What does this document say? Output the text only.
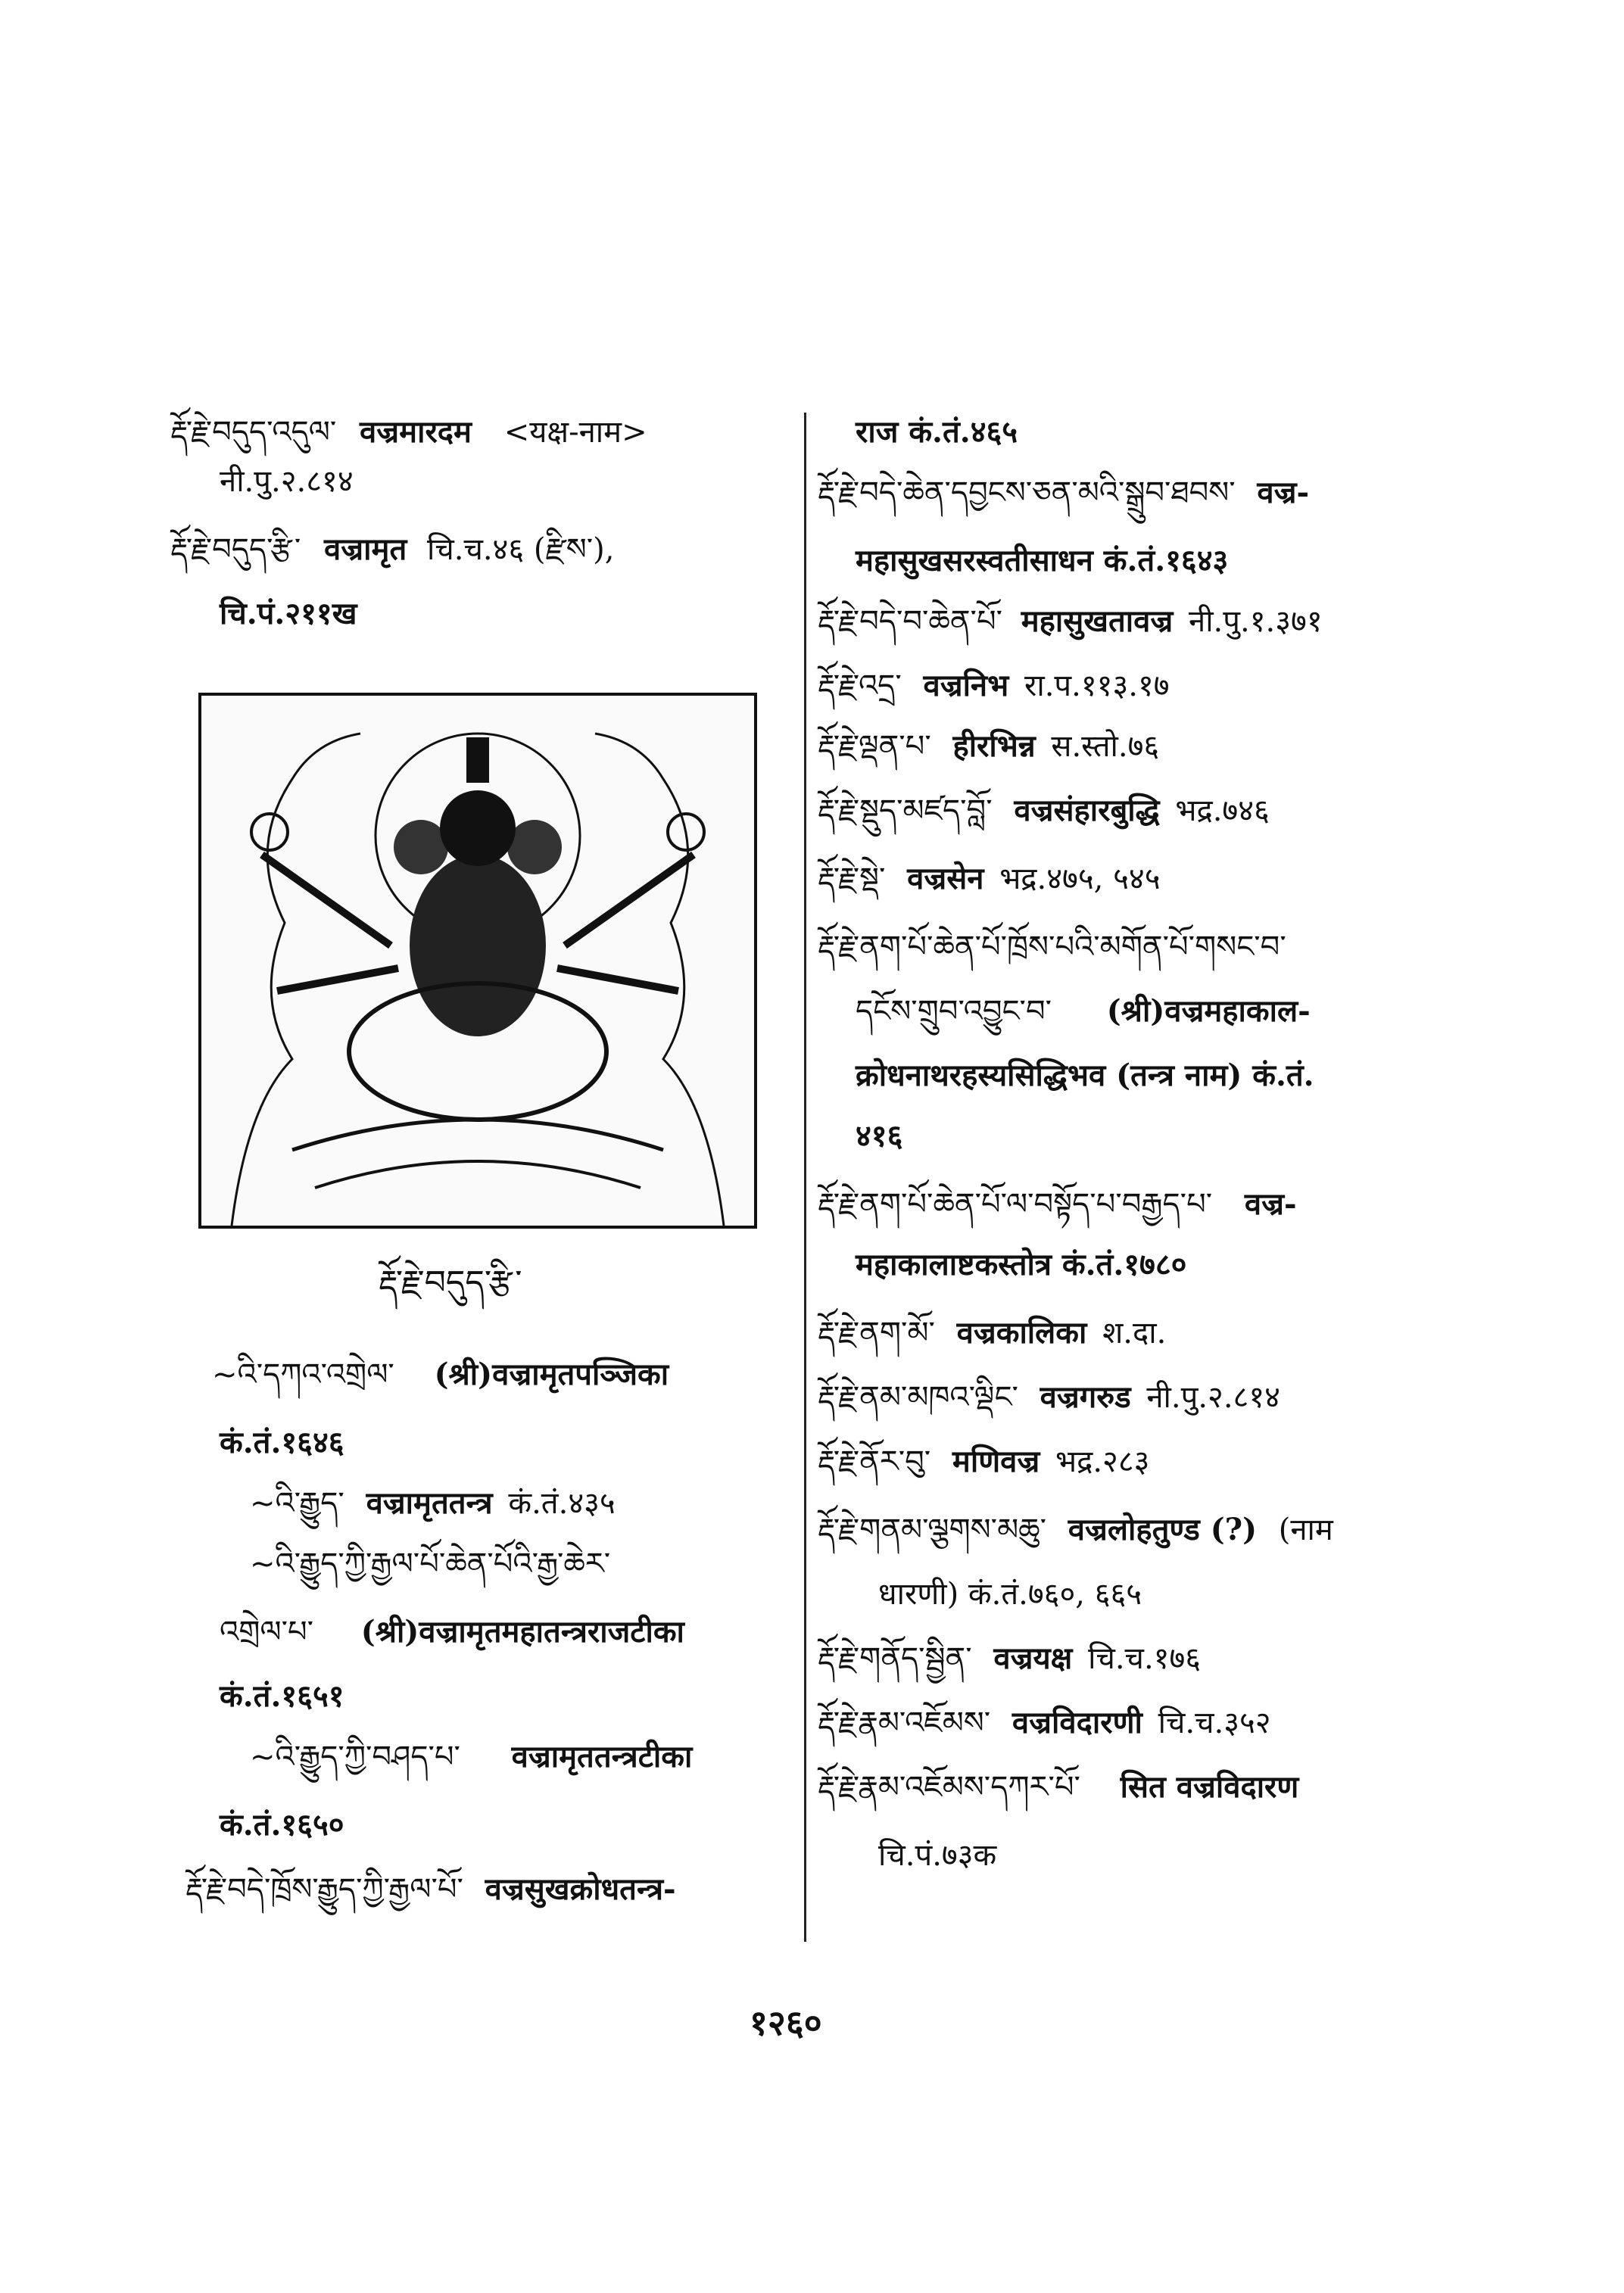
རྡོ་རྗེ་བདུད་འདུལ་ वज्रमारदम <यक्ष-नाम>
नी.पु.२.८१४
རྡོ་རྗེ་བདུད་རྩི་ वज्रामृत चि.च.४६ (རྫིས་),
चि.पं.२११ख
རྡོ་རྗེ་བདུད་རྩི་
~འི་དཀའ་འགྲེལ་ (श्री)वज्रामृतपञ्जिका
कं.तं.१६४६
~འི་རྒྱུད་ वज्रामृततन्त्र कं.तं.४३५
~འི་རྒྱུད་ཀྱི་རྒྱལ་པོ་ཆེན་པོའི་རྒྱ་ཆེར་
འགྲེལ་པ་ (श्री)वज्रामृतमहातन्त्रराजटीका
कं.तं.१६५१
~འི་རྒྱུད་ཀྱི་བཤད་པ་ वज्रामृततन्त्रटीका
कं.तं.१६५०
རྡོ་རྗེ་བདེ་ཁྲོས་རྒྱུད་ཀྱི་རྒྱལ་པོ་ वज्रसुखक्रोधतन्त्र-
राज कं.तं.४६५
རྡོ་རྗེ་བདེ་ཆེན་དབྱངས་ཅན་མའི་སྒྲུབ་ཐབས་ वज्र-
महासुखसरस्वतीसाधन कं.तं.१६४३
རྡོ་རྗེ་བདེ་བ་ཆེན་པོ་ महासुखतावज्र नी.पु.१.३७१
རྡོ་རྗེ་འདྲ་ वज्रनिभ रा.प.११३.१७
རྡོ་རྗེ་ལྡན་པ་ हीरभिन्न स.स्तो.७६
རྡོ་རྗེ་སྡུད་མཛད་བློ་ वज्रसंहारबुद्धि भद्र.७४६
རྡོ་རྗེ་སྡེ་ वज्रसेन भद्र.४७५, ५४५
རྡོ་རྗེ་ནག་པོ་ཆེན་པོ་ཁྲོས་པའི་མགོན་པོ་གསང་བ་
དངོས་གྲུབ་འབྱུང་བ་ (श्री)वज्रमहाकाल-
क्रोधनाथरहस्यसिद्धिभव (तन्त्र नाम) कं.तं.
४१६
རྡོ་རྗེ་ནག་པོ་ཆེན་པོ་ལ་བསྟོད་པ་བརྒྱད་པ་ वज्र-
महाकालाष्टकस्तोत्र कं.तं.१७८०
རྡོ་རྗེ་ནག་མོ་ वज्रकालिका श.दा.
རྡོ་རྗེ་ནམ་མཁའ་ལྡིང་ वज्रगरुड नी.पु.२.८१४
རྡོ་རྗེ་ནོར་བུ་ मणिवज्र भद्र.२८३
རྡོ་རྗེ་གནམ་ལྕགས་མཆུ་ वज्रलोहतुण्ड (?) (नाम
धारणी) कं.तं.७६०, ६६५
རྡོ་རྗེ་གནོད་སྦྱིན་ वज्रयक्ष चि.च.१७६
རྡོ་རྗེ་རྣམ་འཇོམས་ वज्रविदारणी चि.च.३५२
རྡོ་རྗེ་རྣམ་འཇོམས་དཀར་པོ་ सित वज्रविदारण
चि.पं.७३क
१२६०
